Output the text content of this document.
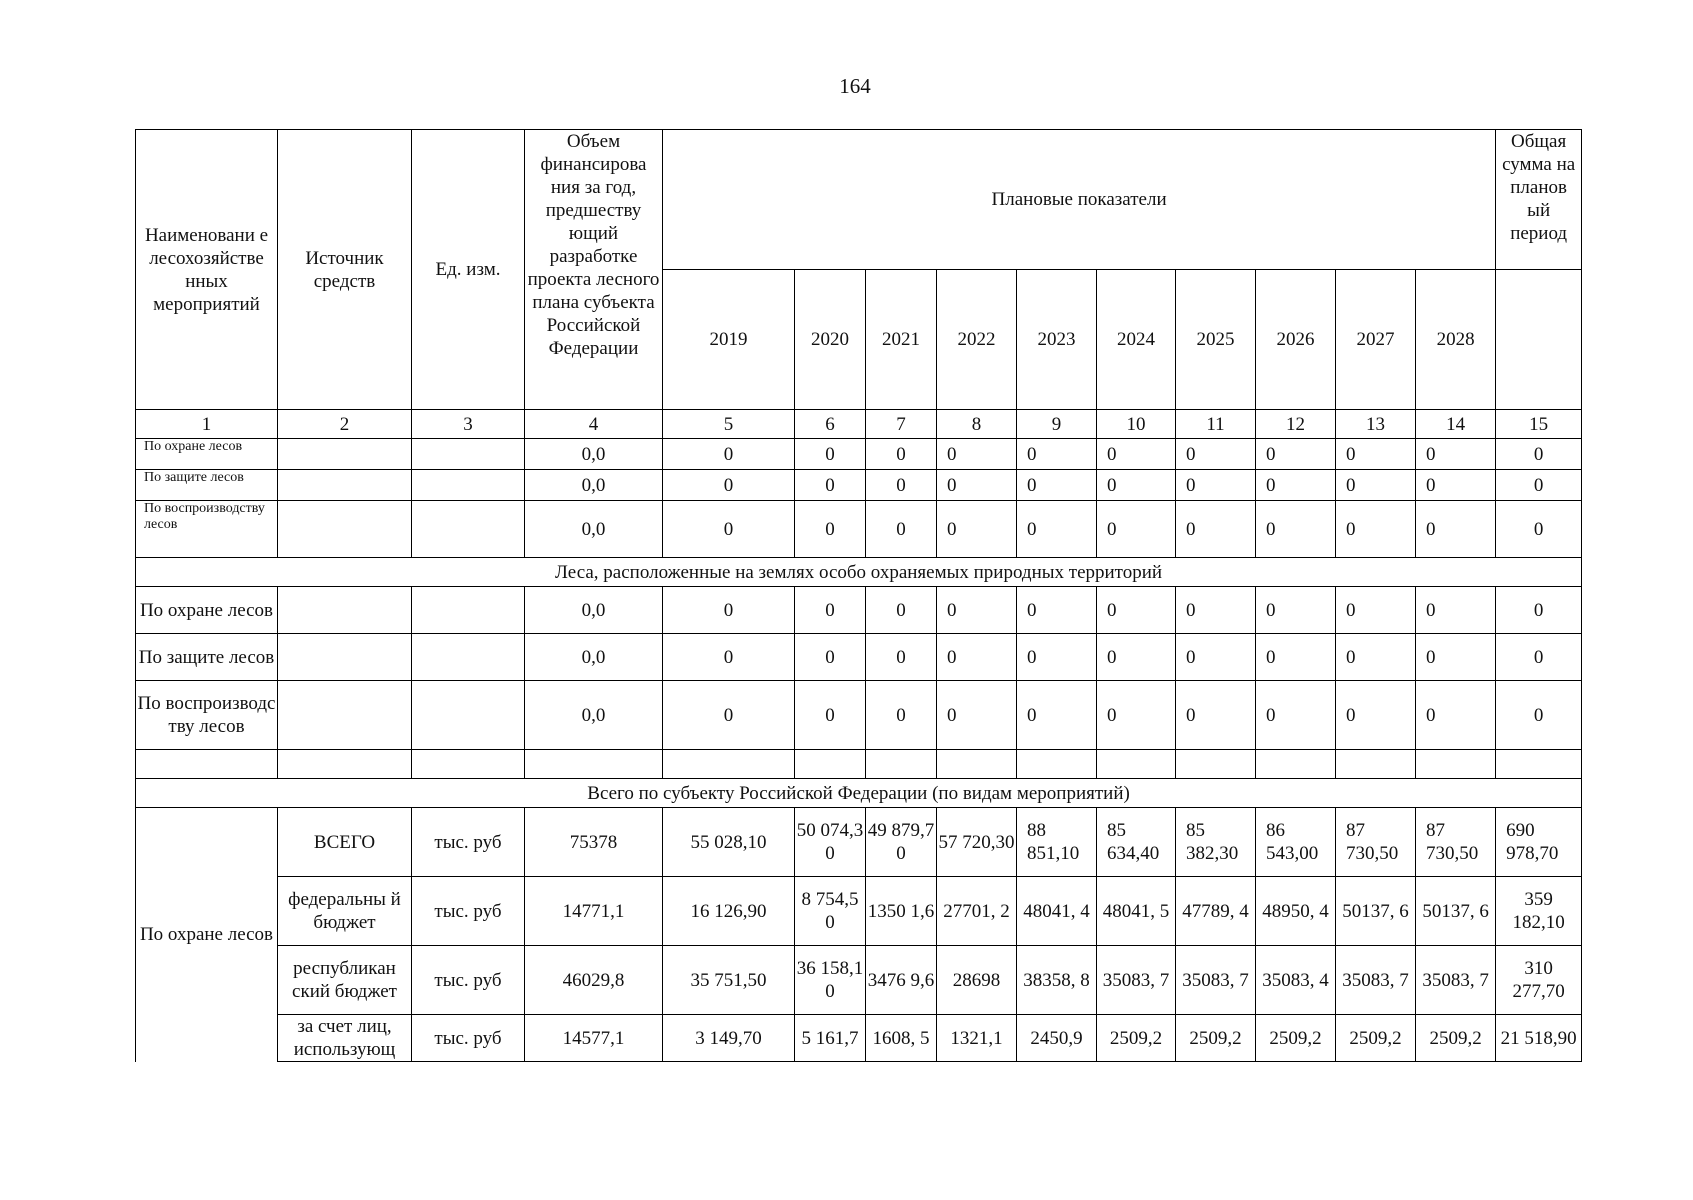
164
Наименовани е лесохозяйстве нных мероприятий	Источник средств	Ед. изм.	Объем финансирова ния за год, предшеству ющий разработке проекта лесного плана субъекта Российской Федерации	Плановые показатели										Общая сумма на планов ый период
				2019	2020	2021	2022	2023	2024	2025	2026	2027	2028	
1	2	3	4	5	6	7	8	9	10	11	12	13	14	15
По охране лесов			0,0	0	0	0	0	0	0	0	0	0	0	0
По защите лесов			0,0	0	0	0	0	0	0	0	0	0	0	0
По воспроизводству лесов			0,0	0	0	0	0	0	0	0	0	0	0	0
Леса, расположенные на землях особо охраняемых природных территорий														
По охране лесов			0,0	0	0	0	0	0	0	0	0	0	0	0
По защите лесов			0,0	0	0	0	0	0	0	0	0	0	0	0
По воспроизводс тву лесов			0,0	0	0	0	0	0	0	0	0	0	0	0

Всего по субъекту Российской Федерации (по видам мероприятий)														
По охране лесов	ВСЕГО	тыс. руб	75378	55 028,10	50 074,3 0	49 879,7 0	57 720,30	88 851,10	85 634,40	85 382,30	86 543,00	87 730,50	87 730,50	690 978,70
	федеральны й бюджет	тыс. руб	14771,1	16 126,90	8 754,5 0	1350 1,6	27701, 2	48041, 4	48041, 5	47789, 4	48950, 4	50137, 6	50137, 6	359 182,10
	республикан ский бюджет	тыс. руб	46029,8	35 751,50	36 158,1 0	3476 9,6	28698	38358, 8	35083, 7	35083, 7	35083, 4	35083, 7	35083, 7	310 277,70
	за счет лиц, использующ	тыс. руб	14577,1	3 149,70	5 161,7	1608, 5	1321,1	2450,9	2509,2	2509,2	2509,2	2509,2	2509,2	21 518,90
